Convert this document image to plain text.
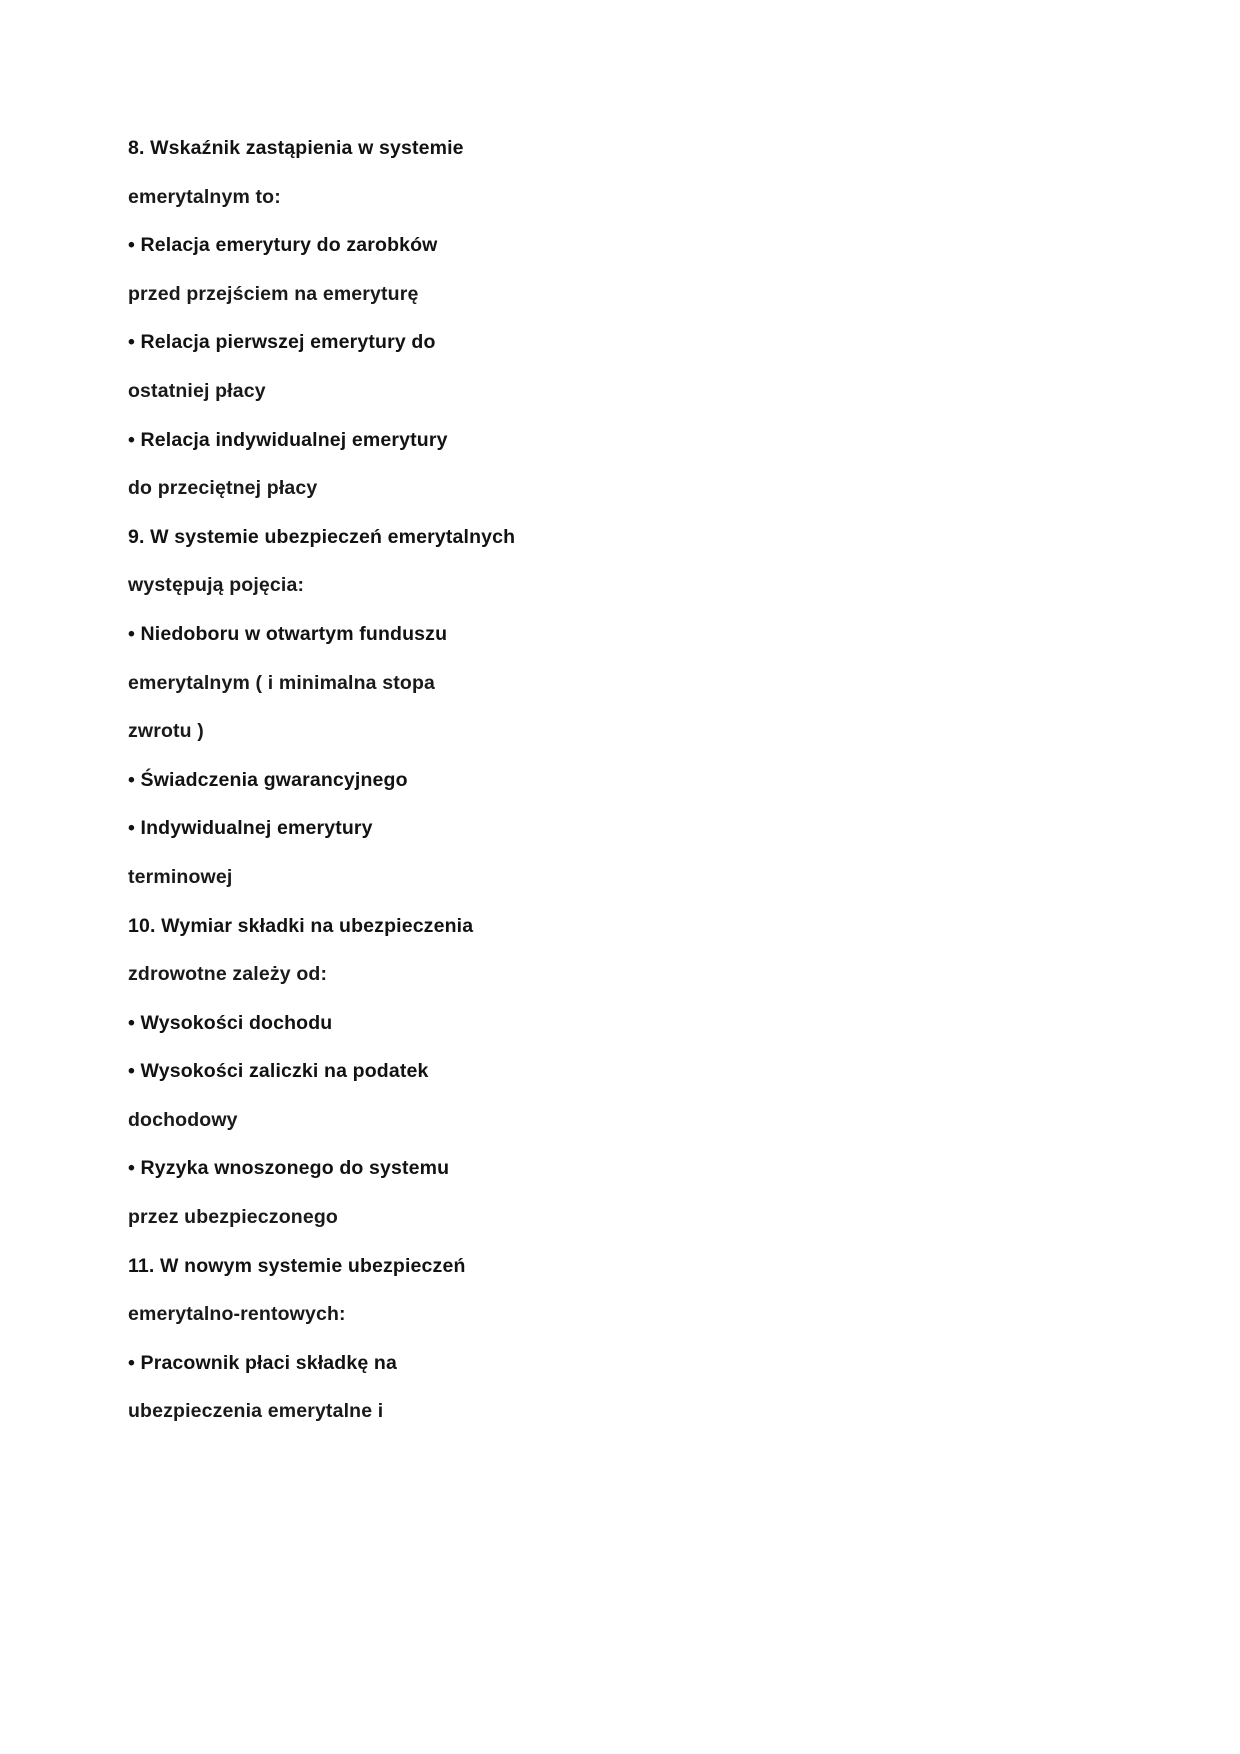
8. Wskaźnik zastąpienia w systemie
emerytalnym to:
• Relacja emerytury do zarobków
przed przejściem na emeryturę
• Relacja pierwszej emerytury do
ostatniej płacy
• Relacja indywidualnej emerytury
do przeciętnej płacy
9. W systemie ubezpieczeń emerytalnych
występują pojęcia:
• Niedoboru w otwartym funduszu
emerytalnym ( i minimalna stopa
zwrotu )
• Świadczenia gwarancyjnego
• Indywidualnej emerytury
terminowej
10. Wymiar składki na ubezpieczenia
zdrowotne zależy od:
• Wysokości dochodu
• Wysokości zaliczki na podatek
dochodowy
• Ryzyka wnoszonego do systemu
przez ubezpieczonego
11. W nowym systemie ubezpieczeń
emerytalno-rentowych:
• Pracownik płaci składkę na
ubezpieczenia emerytalne i
